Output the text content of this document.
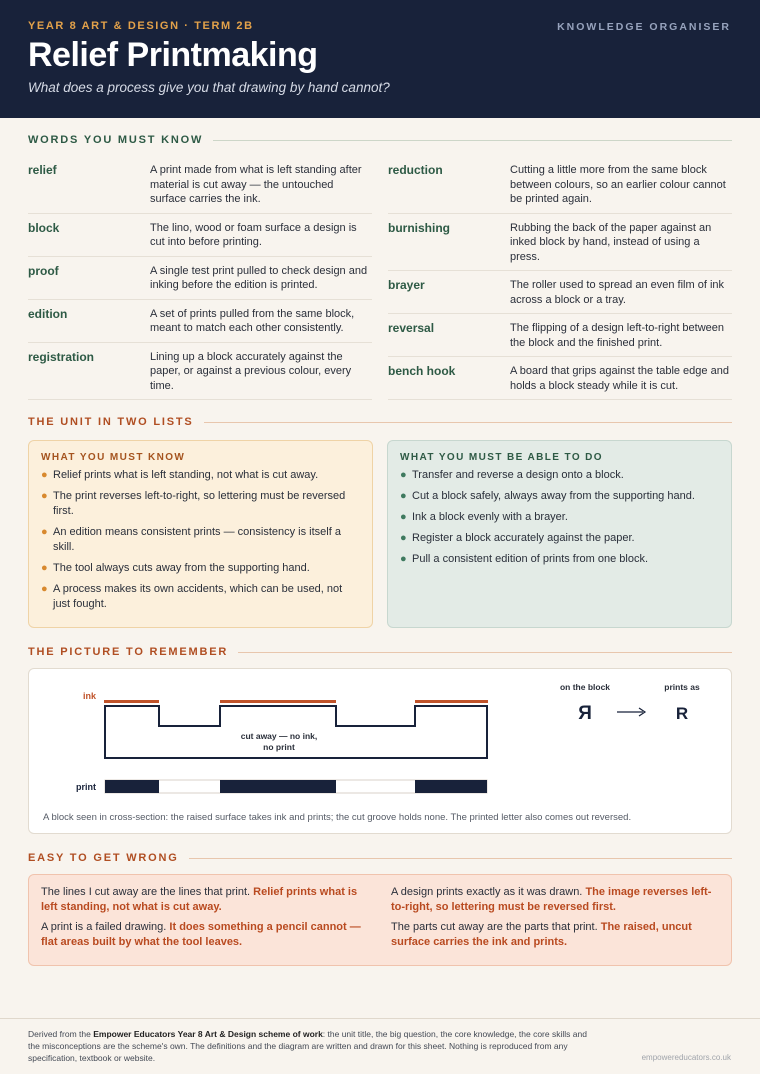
YEAR 8 ART & DESIGN · TERM 2B	KNOWLEDGE ORGANISER
Relief Printmaking
What does a process give you that drawing by hand cannot?
WORDS YOU MUST KNOW
relief	A print made from what is left standing after material is cut away — the untouched surface carries the ink.
block	The lino, wood or foam surface a design is cut into before printing.
proof	A single test print pulled to check design and inking before the edition is printed.
edition	A set of prints pulled from the same block, meant to match each other consistently.
registration	Lining up a block accurately against the paper, or against a previous colour, every time.
reduction	Cutting a little more from the same block between colours, so an earlier colour cannot be printed again.
burnishing	Rubbing the back of the paper against an inked block by hand, instead of using a press.
brayer	The roller used to spread an even film of ink across a block or a tray.
reversal	The flipping of a design left-to-right between the block and the finished print.
bench hook	A board that grips against the table edge and holds a block steady while it is cut.
THE UNIT IN TWO LISTS
WHAT YOU MUST KNOW
● Relief prints what is left standing, not what is cut away.
● The print reverses left-to-right, so lettering must be reversed first.
● An edition means consistent prints — consistency is itself a skill.
● The tool always cuts away from the supporting hand.
● A process makes its own accidents, which can be used, not just fought.
WHAT YOU MUST BE ABLE TO DO
● Transfer and reverse a design onto a block.
● Cut a block safely, always away from the supporting hand.
● Ink a block evenly with a brayer.
● Register a block accurately against the paper.
● Pull a consistent edition of prints from one block.
THE PICTURE TO REMEMBER
ink
cut away — no ink,
no print
print
on the block	prints as
R	R
A block seen in cross-section: the raised surface takes ink and prints; the cut groove holds none. The printed letter also comes out reversed.
EASY TO GET WRONG
The lines I cut away are the lines that print. Relief prints what is left standing, not what is cut away.
A print is a failed drawing. It does something a pencil cannot — flat areas built by what the tool leaves.
A design prints exactly as it was drawn. The image reverses left-to-right, so lettering must be reversed first.
The parts cut away are the parts that print. The raised, uncut surface carries the ink and prints.
Derived from the Empower Educators Year 8 Art & Design scheme of work: the unit title, the big question, the core knowledge, the core skills and the misconceptions are the scheme's own. The definitions and the diagram are written and drawn for this sheet. Nothing is reproduced from any specification, textbook or website.	empowereducators.co.uk
